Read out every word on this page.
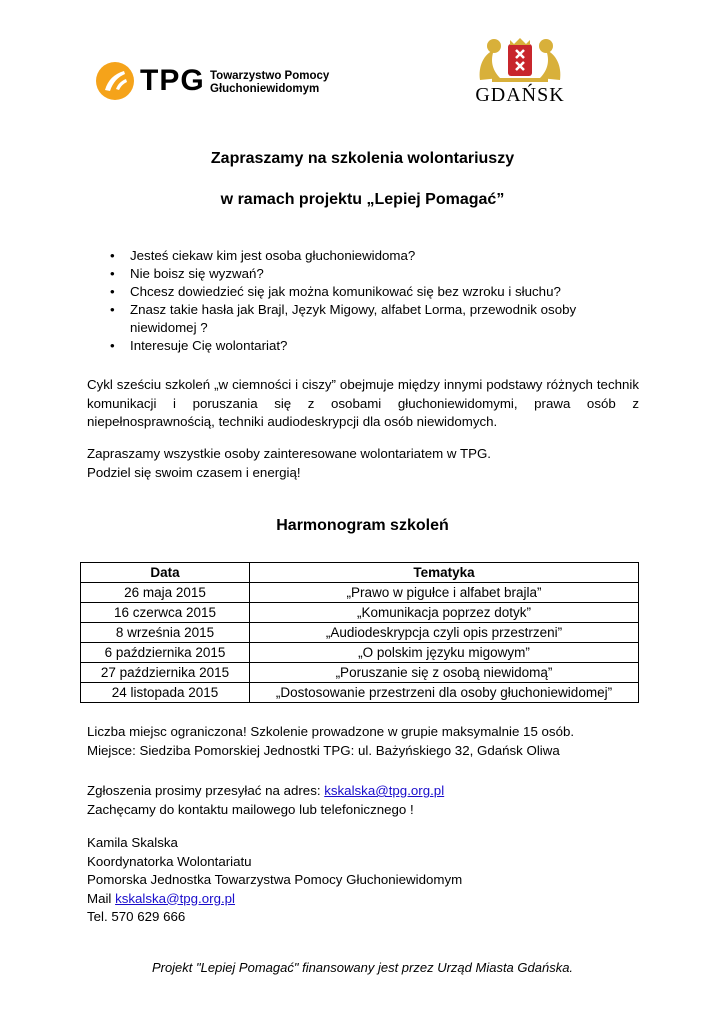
TPG Towarzystwo Pomocy
Głuchoniewidomym	GDAŃSK
Zapraszamy na szkolenia wolontariuszy
w ramach projektu „Lepiej Pomagać”
• Jesteś ciekaw kim jest osoba głuchoniewidoma?
• Nie boisz się wyzwań?
• Chcesz dowiedzieć się jak można komunikować się bez wzroku i słuchu?
• Znasz takie hasła jak Brajl, Język Migowy, alfabet Lorma, przewodnik osoby niewidomej ?
• Interesuje Cię wolontariat?
Cykl sześciu szkoleń „w ciemności i ciszy” obejmuje między innymi podstawy różnych technik komunikacji i poruszania się z osobami głuchoniewidomymi, prawa osób z niepełnosprawnością, techniki audiodeskrypcji dla osób niewidomych.
Zapraszamy wszystkie osoby zainteresowane wolontariatem w TPG.
Podziel się swoim czasem i energią!
Harmonogram szkoleń
Data	Tematyka
26 maja 2015	„Prawo w pigułce i alfabet brajla”
16 czerwca 2015	„Komunikacja poprzez dotyk”
8 września 2015	„Audiodeskrypcja czyli opis przestrzeni”
6 października 2015	„O polskim języku migowym”
27 października 2015	„Poruszanie się z osobą niewidomą”
24 listopada 2015	„Dostosowanie przestrzeni dla osoby głuchoniewidomej”
Liczba miejsc ograniczona! Szkolenie prowadzone w grupie maksymalnie 15 osób.
Miejsce: Siedziba Pomorskiej Jednostki TPG: ul. Bażyńskiego 32, Gdańsk Oliwa
Zgłoszenia prosimy przesyłać na adres: kskalska@tpg.org.pl
Zachęcamy do kontaktu mailowego lub telefonicznego !
Kamila Skalska
Koordynatorka Wolontariatu
Pomorska Jednostka Towarzystwa Pomocy Głuchoniewidomym
Mail kskalska@tpg.org.pl
Tel. 570 629 666
Projekt "Lepiej Pomagać" finansowany jest przez Urząd Miasta Gdańska.
